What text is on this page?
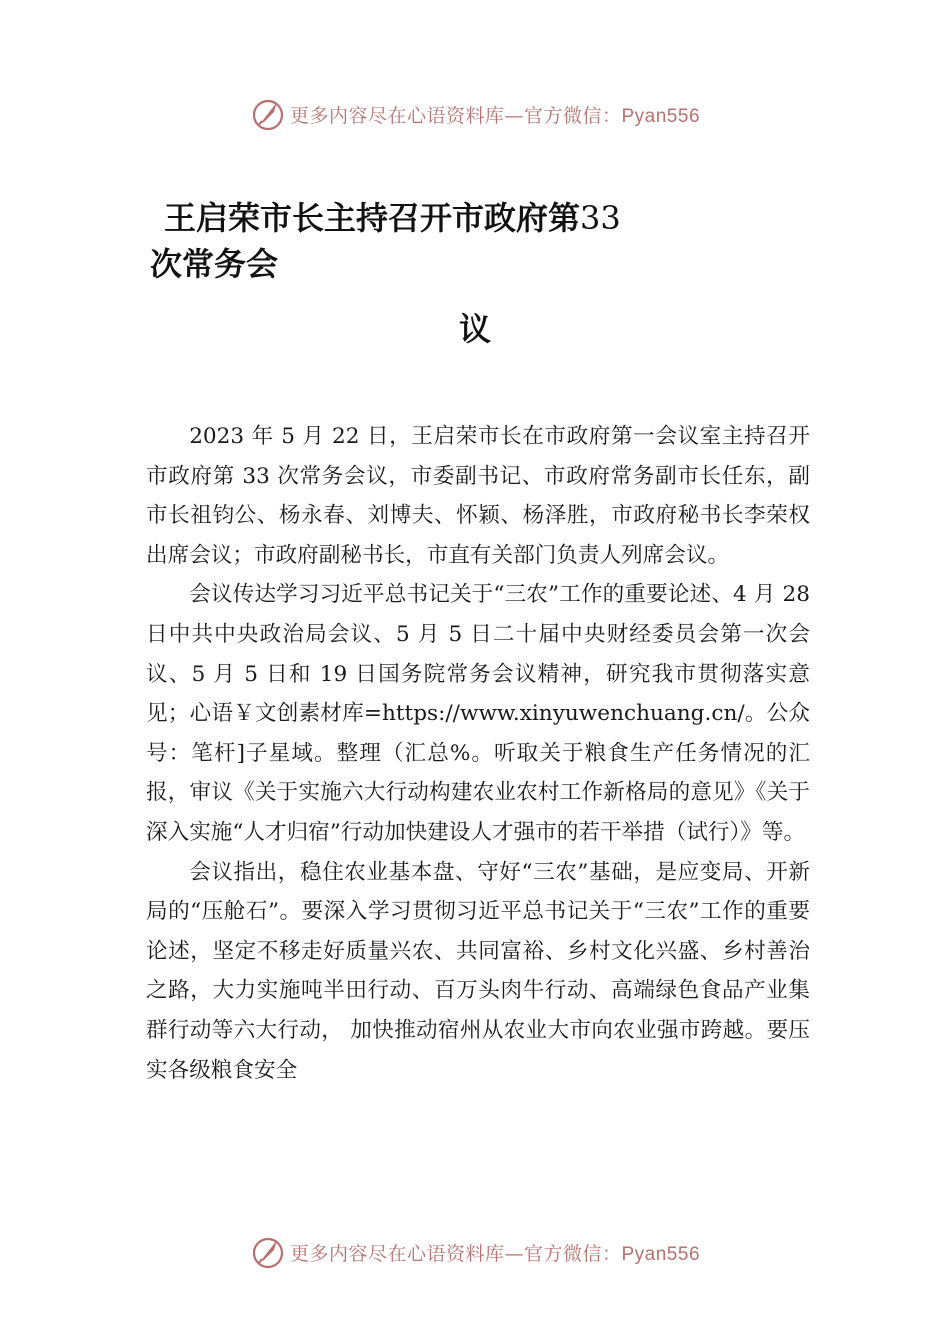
更多内容尽在心语资料库—官方微信：Pyan556
王启荣市长主持召开市政府第33
次常务会
议

2023 年 5 月 22 日，王启荣市长在市政府第一会议室主持召开市政府第 33 次常务会议，市委副书记、市政府常务副市长任东，副市长祖钧公、杨永春、刘博夫、怀颖、杨泽胜，市政府秘书长李荣权出席会议；市政府副秘书长，市直有关部门负责人列席会议。

会议传达学习习近平总书记关于“三农”工作的重要论述、4 月 28 日中共中央政治局会议、5 月 5 日二十届中央财经委员会第一次会议、5 月 5 日和 19 日国务院常务会议精神，研究我市贯彻落实意见；心语￥文创素材库=https://www.xinyuwenchuang.cn/。公众号：笔杆]子星域。整理（汇总%。听取关于粮食生产任务情况的汇报，审议《关于实施六大行动构建农业农村工作新格局的意见》《关于深入实施“人才归宿”行动加快建设人才强市的若干举措（试行）》等。

会议指出，稳住农业基本盘、守好“三农”基础，是应变局、开新局的“压舱石”。要深入学习贯彻习近平总书记关于“三农”工作的重要论述，坚定不移走好质量兴农、共同富裕、乡村文化兴盛、乡村善治之路，大力实施吨半田行动、百万头肉牛行动、高端绿色食品产业集群行动等六大行动， 加快推动宿州从农业大市向农业强市跨越。要压实各级粮食安全

更多内容尽在心语资料库—官方微信：Pyan556
